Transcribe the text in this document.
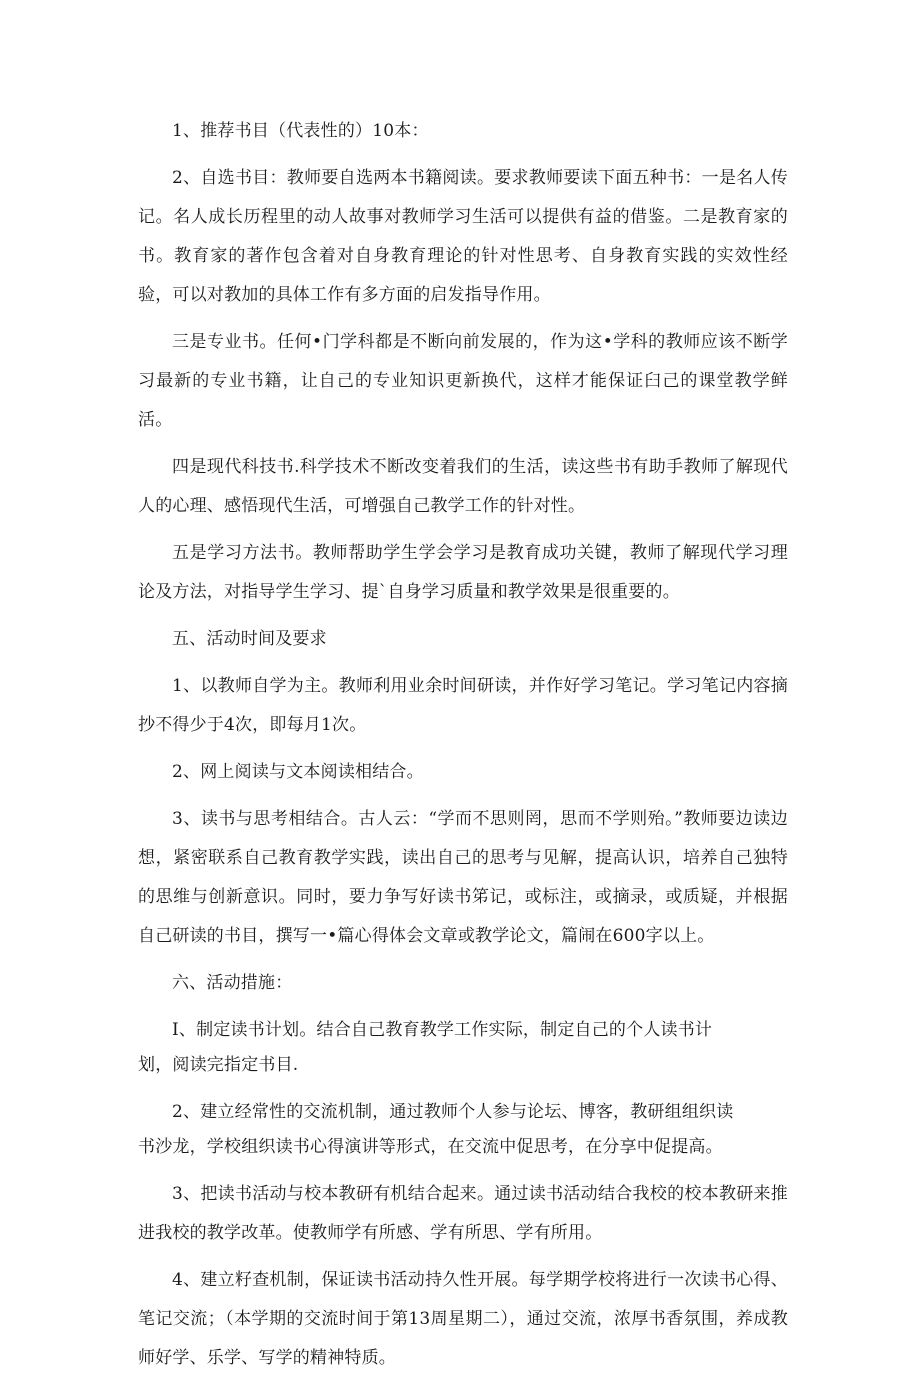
1、推荐书目（代表性的）10本：

2、自选书目：教师要自选两本书籍阅读。要求教师要读下面五种书：一是名人传记。名人成长历程里的动人故事对教师学习生活可以提供有益的借鉴。二是教育家的书。教育家的著作包含着对自身教育理论的针对性思考、自身教育实践的实效性经验，可以对教加的具体工作有多方面的启发指导作用。

三是专业书。任何•门学科都是不断向前发展的，作为这•学科的教师应该不断学习最新的专业书籍，让自己的专业知识更新换代，这样才能保证臼己的课堂教学鲜活。

四是现代科技书.科学技术不断改变着我们的生活，读这些书有助手教师了解现代人的心理、感悟现代生活，可增强自己教学工作的针对性。

五是学习方法书。教师帮助学生学会学习是教育成功关键，教师了解现代学习理论及方法，对指导学生学习、提`自身学习质量和教学效果是很重要的。

五、活动时间及要求

1、以教师自学为主。教师利用业余时间研读，并作好学习笔记。学习笔记内容摘抄不得少于4次，即每月1次。

2、网上阅读与文本阅读相结合。

3、读书与思考相结合。古人云：“学而不思则罔，思而不学则殆。”教师要边读边想，紧密联系自己教育教学实践，读出自己的思考与见解，提高认识，培养自己独特的思维与创新意识。同时，要力争写好读书笫记，或标注，或摘录，或质疑，并根据自己研读的书目，撰写一•篇心得体会文章或教学论文，篇闹在600字以上。

六、活动措施：

I、制定读书计划。结合自己教育教学工作实际，制定自己的个人读书计

划，阅读完指定书目.

2、建立经常性的交流机制，通过教师个人参与论坛、博客，教研组组织读

书沙龙，学校组织读书心得演讲等形式，在交流中促思考，在分享中促提高。

3、把读书活动与校本教研有机结合起来。通过读书活动结合我校的校本教研来推进我校的教学改革。使教师学有所感、学有所思、学有所用。

4、建立籽查机制，保证读书活动持久性开展。每学期学校将进行一次读书心得、笔记交流；（本学期的交流时间于第13周星期二），通过交流，浓厚书香氛围，养成教师好学、乐学、写学的精神特质。
